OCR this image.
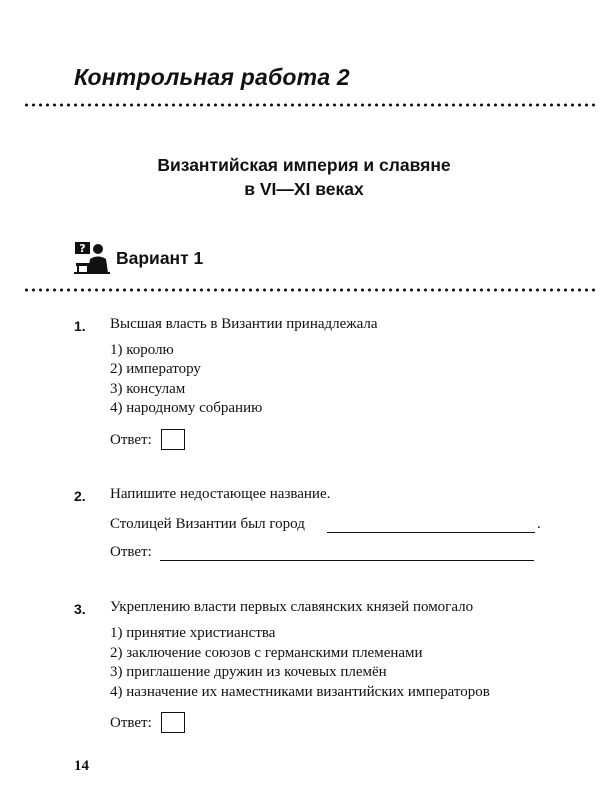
Контрольная работа 2
Византийская империя и славяне
в VI—XI веках
? Вариант 1
1. Высшая власть в Византии принадлежала
1) королю
2) императору
3) консулам
4) народному собранию
Ответ:
2. Напишите недостающее название.
Столицей Византии был город	.
Ответ:
3. Укреплению власти первых славянских князей помогало
1) принятие христианства
2) заключение союзов с германскими племенами
3) приглашение дружин из кочевых племён
4) назначение их наместниками византийских императоров
Ответ:
14
